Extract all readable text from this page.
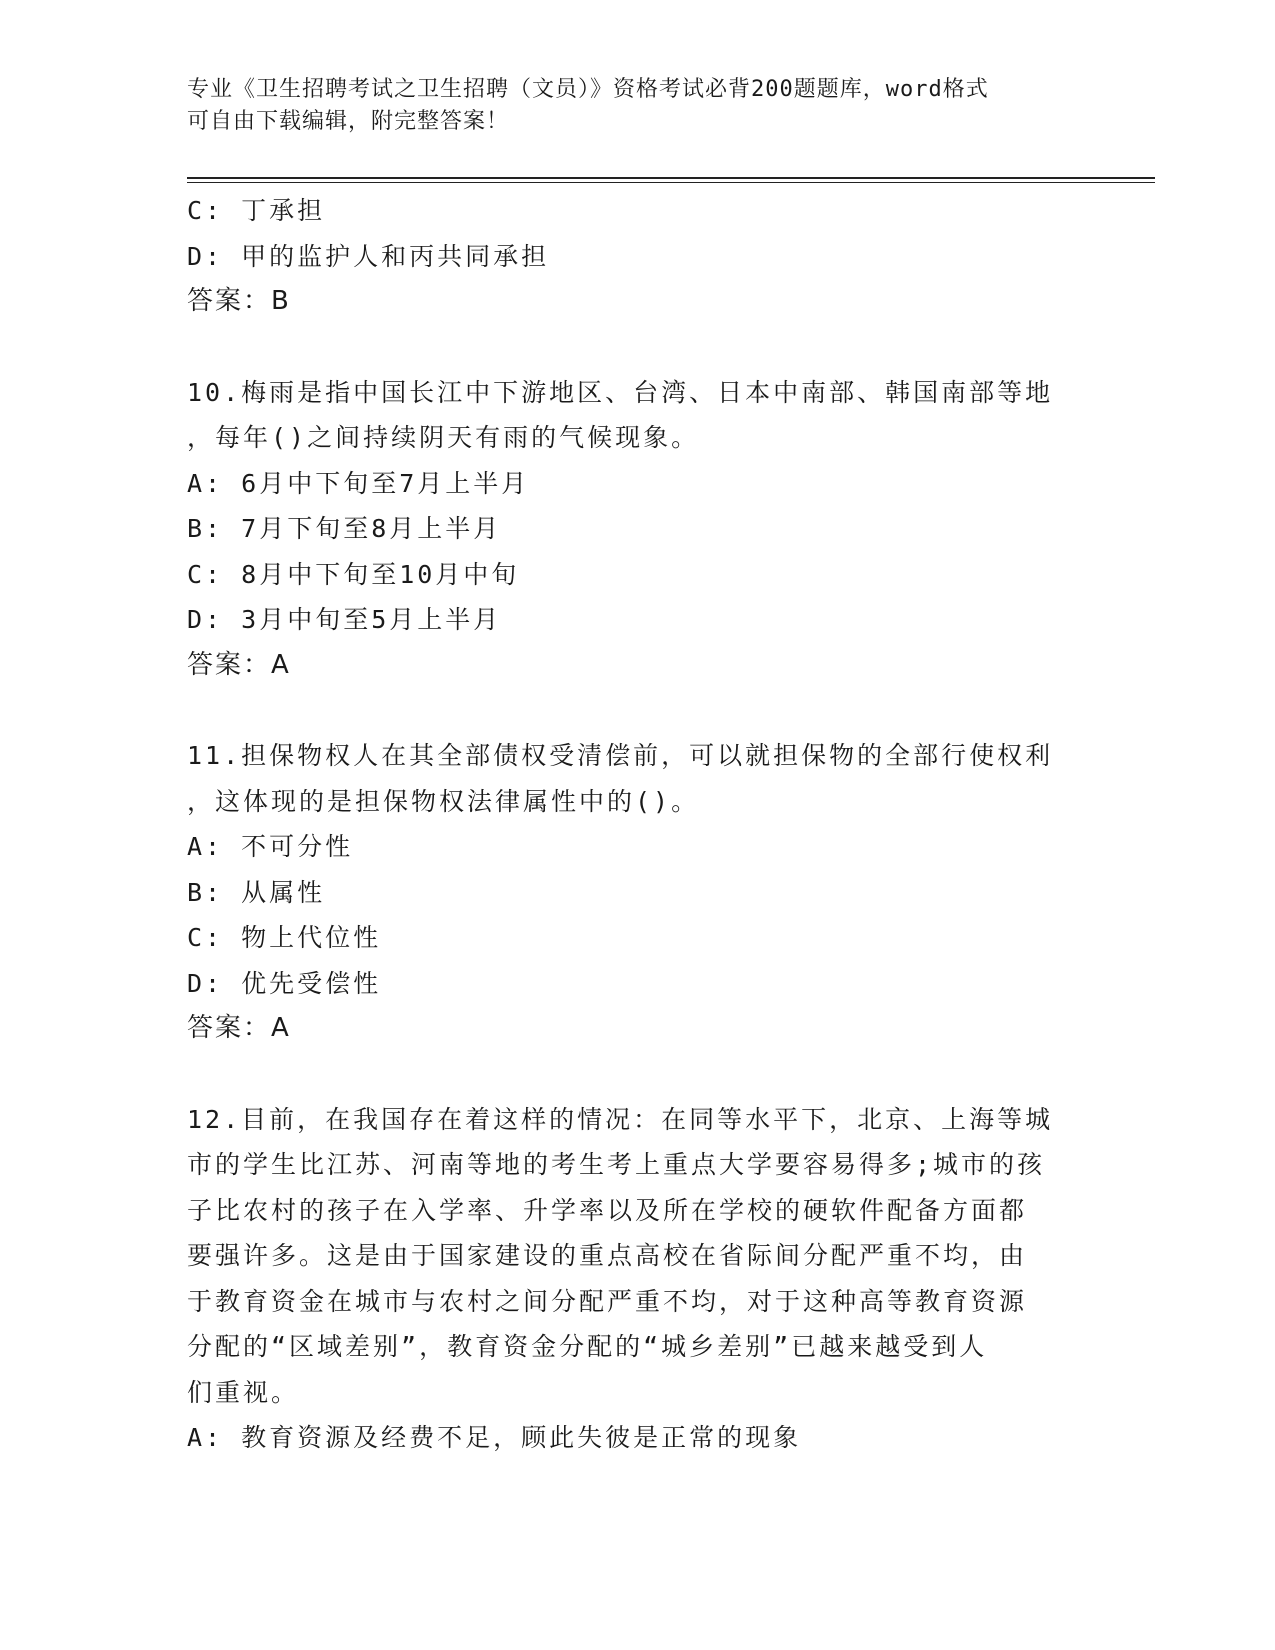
专业《卫生招聘考试之卫生招聘（文员）》资格考试必背200题题库，word格式
可自由下载编辑，附完整答案！
C: 丁承担
D: 甲的监护人和丙共同承担
答案：B
10.梅雨是指中国长江中下游地区、台湾、日本中南部、韩国南部等地
，每年()之间持续阴天有雨的气候现象。
A: 6月中下旬至7月上半月
B: 7月下旬至8月上半月
C: 8月中下旬至10月中旬
D: 3月中旬至5月上半月
答案：A
11.担保物权人在其全部债权受清偿前，可以就担保物的全部行使权利
，这体现的是担保物权法律属性中的()。
A: 不可分性
B: 从属性
C: 物上代位性
D: 优先受偿性
答案：A
12.目前，在我国存在着这样的情况：在同等水平下，北京、上海等城
市的学生比江苏、河南等地的考生考上重点大学要容易得多;城市的孩
子比农村的孩子在入学率、升学率以及所在学校的硬软件配备方面都
要强许多。这是由于国家建设的重点高校在省际间分配严重不均，由
于教育资金在城市与农村之间分配严重不均，对于这种高等教育资源
分配的“区域差别”，教育资金分配的“城乡差别”已越来越受到人
们重视。
A: 教育资源及经费不足，顾此失彼是正常的现象
